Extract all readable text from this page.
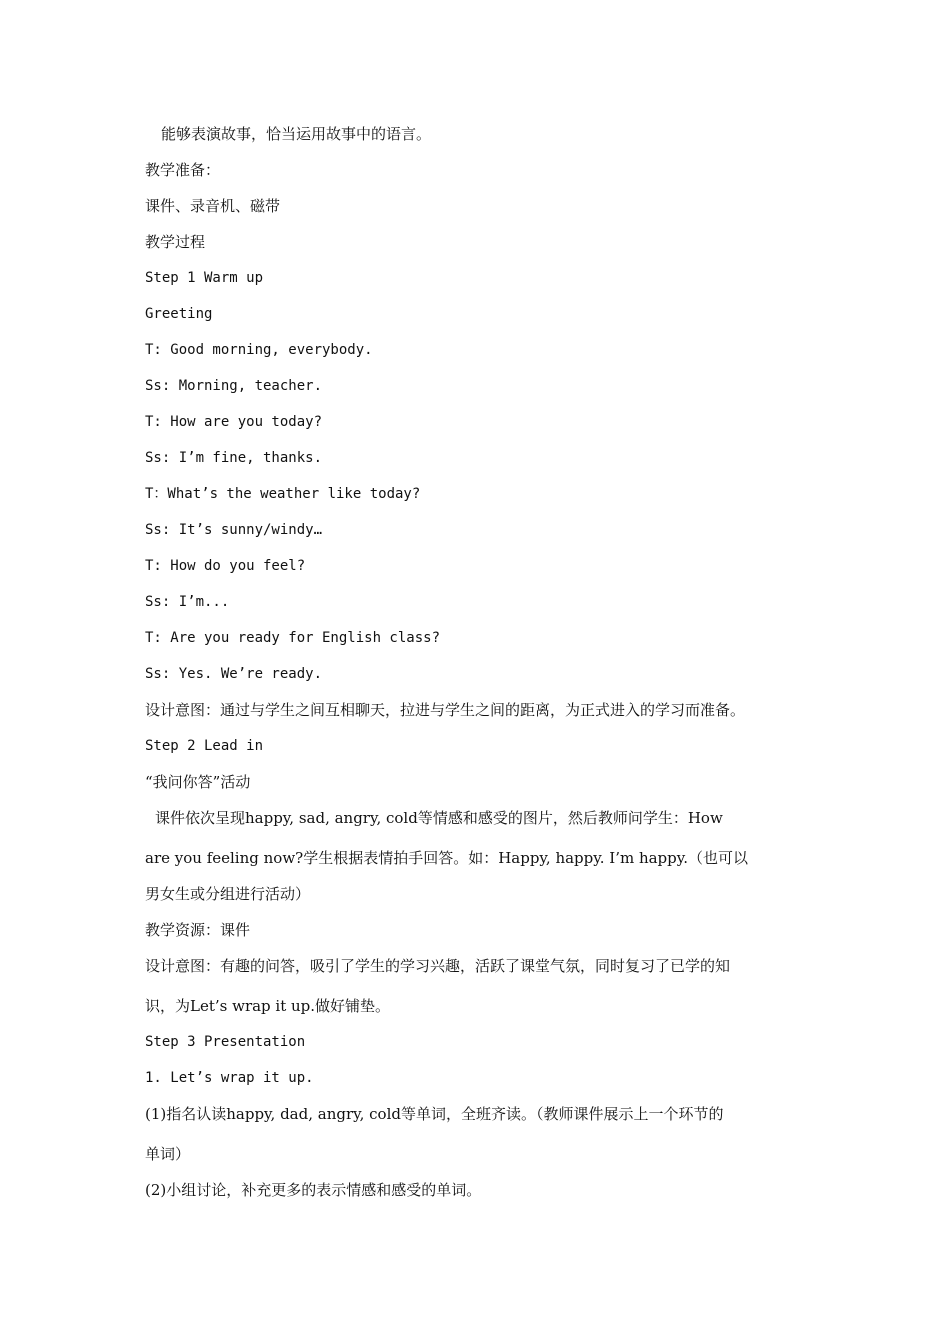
能够表演故事，恰当运用故事中的语言。
教学准备：
课件、录音机、磁带
教学过程
Step 1 Warm up
Greeting
T: Good morning, everybody.
Ss: Morning, teacher.
T: How are you today?
Ss: I’m fine, thanks.
T：What’s the weather like today?
Ss: It’s sunny/windy…
T: How do you feel?
Ss: I’m...
T: Are you ready for English class?
Ss: Yes. We’re ready.
设计意图：通过与学生之间互相聊天，拉进与学生之间的距离，为正式进入的学习而准备。
Step 2 Lead in
“我问你答”活动
课件依次呈现happy, sad, angry, cold等情感和感受的图片，然后教师问学生：How
are you feeling now?学生根据表情拍手回答。如：Happy, happy. I’m happy.（也可以
男女生或分组进行活动）
教学资源：课件
设计意图：有趣的问答，吸引了学生的学习兴趣，活跃了课堂气氛，同时复习了已学的知
识，为Let’s wrap it up.做好铺垫。
Step 3 Presentation
1. Let’s wrap it up.
(1)指名认读happy, dad, angry, cold等单词，全班齐读。（教师课件展示上一个环节的
单词）
(2)小组讨论，补充更多的表示情感和感受的单词。
